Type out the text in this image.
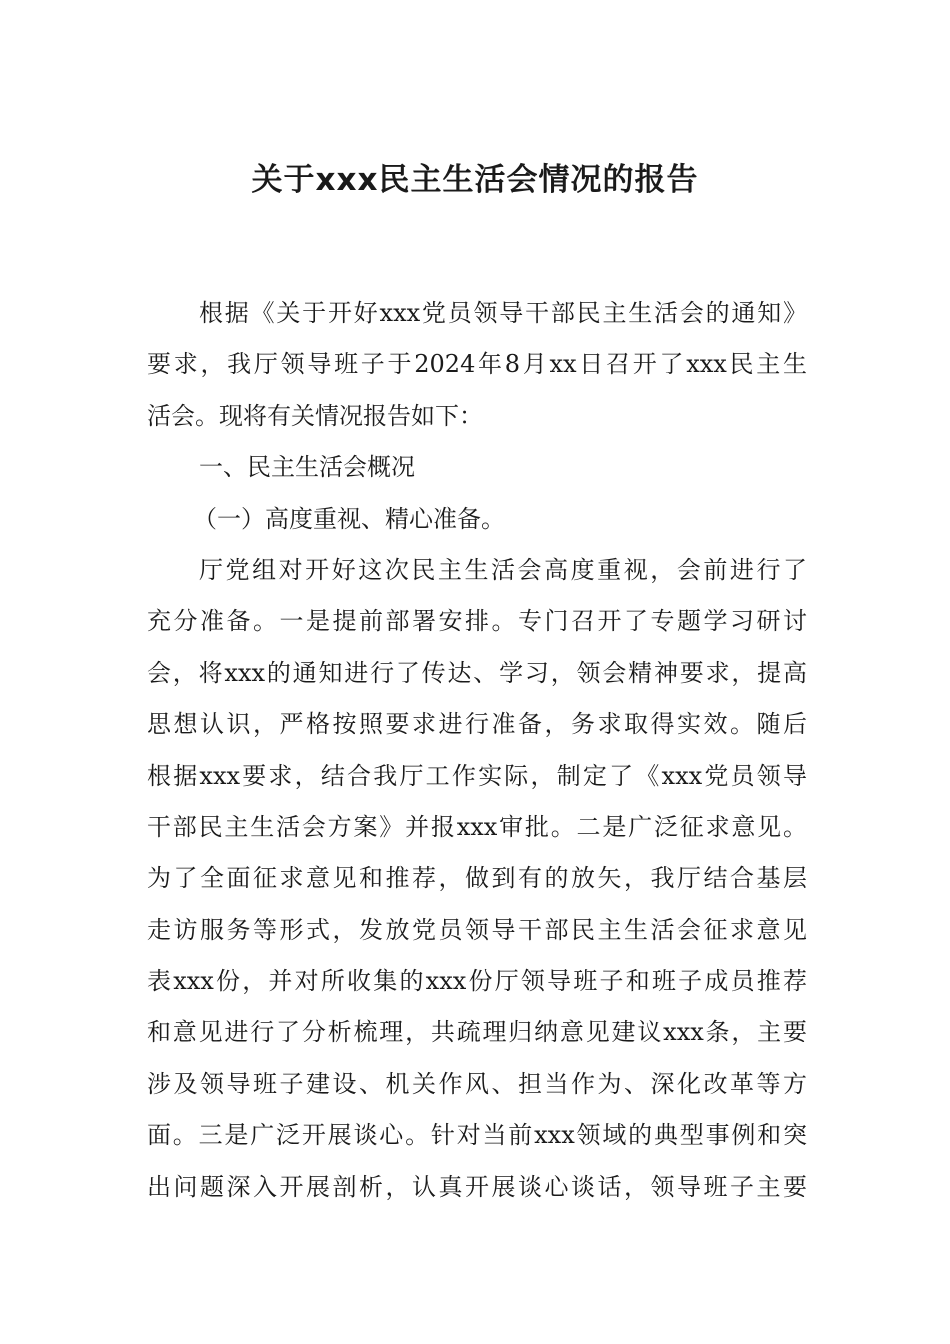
关于xxx民主生活会情况的报告
根据《关于开好xxx党员领导干部民主生活会的通知》
要求，我厅领导班子于2024年8月xx日召开了xxx民主生
活会。现将有关情况报告如下：
一、民主生活会概况
（一）高度重视、精心准备。
厅党组对开好这次民主生活会高度重视，会前进行了
充分准备。一是提前部署安排。专门召开了专题学习研讨
会，将xxx的通知进行了传达、学习，领会精神要求，提高
思想认识，严格按照要求进行准备，务求取得实效。随后
根据xxx要求，结合我厅工作实际，制定了《xxx党员领导
干部民主生活会方案》并报xxx审批。二是广泛征求意见。
为了全面征求意见和推荐，做到有的放矢，我厅结合基层
走访服务等形式，发放党员领导干部民主生活会征求意见
表xxx份，并对所收集的xxx份厅领导班子和班子成员推荐
和意见进行了分析梳理，共疏理归纳意见建议xxx条，主要
涉及领导班子建设、机关作风、担当作为、深化改革等方
面。三是广泛开展谈心。针对当前xxx领域的典型事例和突
出问题深入开展剖析，认真开展谈心谈话，领导班子主要
